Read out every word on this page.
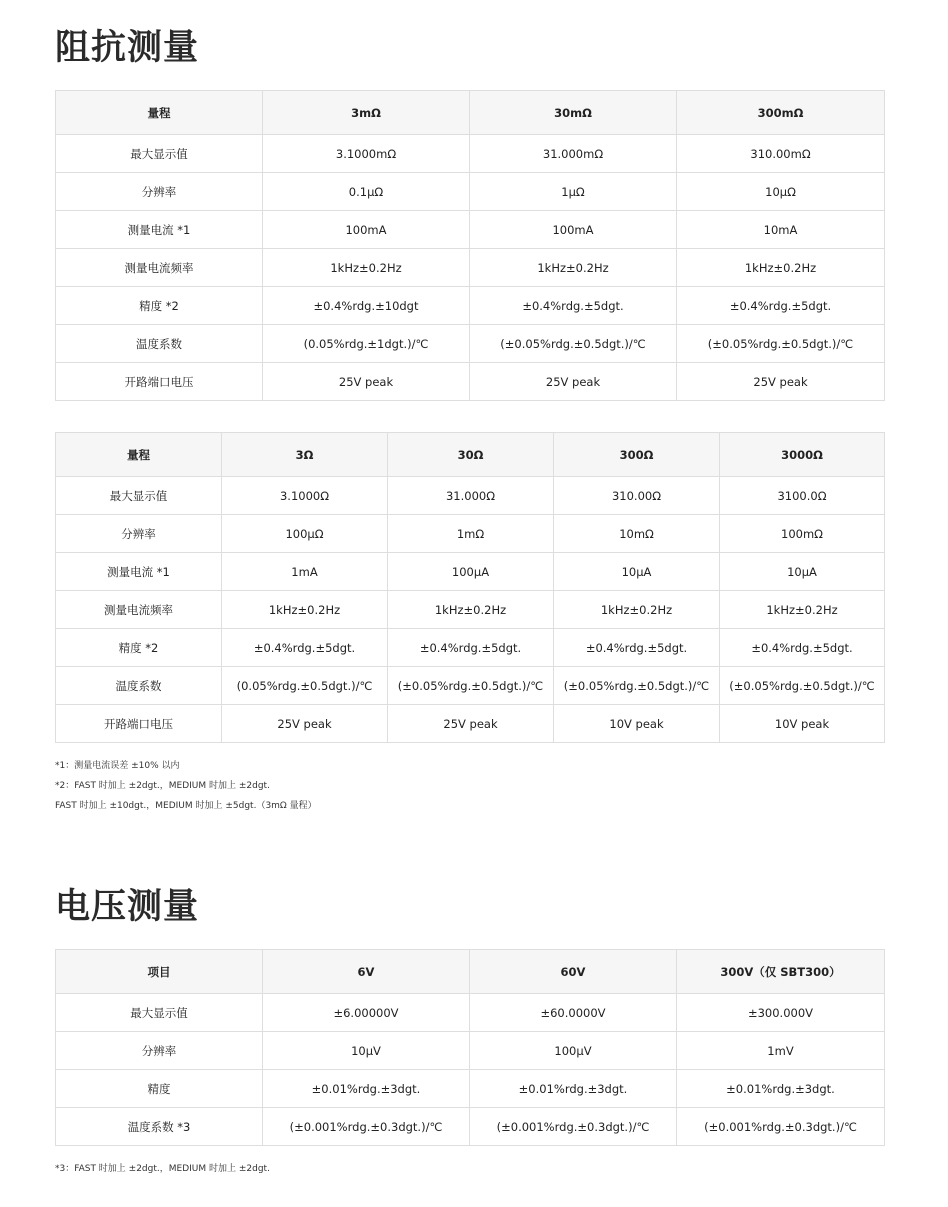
阻抗测量
量程	3mΩ	30mΩ	300mΩ
最大显示值	3.1000mΩ	31.000mΩ	310.00mΩ
分辨率	0.1μΩ	1μΩ	10μΩ
测量电流 *1	100mA	100mA	10mA
测量电流频率	1kHz±0.2Hz	1kHz±0.2Hz	1kHz±0.2Hz
精度 *2	±0.4%rdg.±10dgt	±0.4%rdg.±5dgt.	±0.4%rdg.±5dgt.
温度系数	(0.05%rdg.±1dgt.)/℃	(±0.05%rdg.±0.5dgt.)/℃	(±0.05%rdg.±0.5dgt.)/℃
开路端口电压	25V peak	25V peak	25V peak
量程	3Ω	30Ω	300Ω	3000Ω
最大显示值	3.1000Ω	31.000Ω	310.00Ω	3100.0Ω
分辨率	100μΩ	1mΩ	10mΩ	100mΩ
测量电流 *1	1mA	100μA	10μA	10μA
测量电流频率	1kHz±0.2Hz	1kHz±0.2Hz	1kHz±0.2Hz	1kHz±0.2Hz
精度 *2	±0.4%rdg.±5dgt.	±0.4%rdg.±5dgt.	±0.4%rdg.±5dgt.	±0.4%rdg.±5dgt.
温度系数	(0.05%rdg.±0.5dgt.)/℃	(±0.05%rdg.±0.5dgt.)/℃	(±0.05%rdg.±0.5dgt.)/℃	(±0.05%rdg.±0.5dgt.)/℃
开路端口电压	25V peak	25V peak	10V peak	10V peak

*1：测量电流误差 ±10% 以内

*2：FAST 时加上 ±2dgt.，MEDIUM 时加上 ±2dgt.

FAST 时加上 ±10dgt.，MEDIUM 时加上 ±5dgt.（3mΩ 量程）

电压测量
项目	6V	60V	300V（仅 SBT300）
最大显示值	±6.00000V	±60.0000V	±300.000V
分辨率	10μV	100μV	1mV
精度	±0.01%rdg.±3dgt.	±0.01%rdg.±3dgt.	±0.01%rdg.±3dgt.
温度系数 *3	(±0.001%rdg.±0.3dgt.)/℃	(±0.001%rdg.±0.3dgt.)/℃	(±0.001%rdg.±0.3dgt.)/℃

*3：FAST 时加上 ±2dgt.，MEDIUM 时加上 ±2dgt.
